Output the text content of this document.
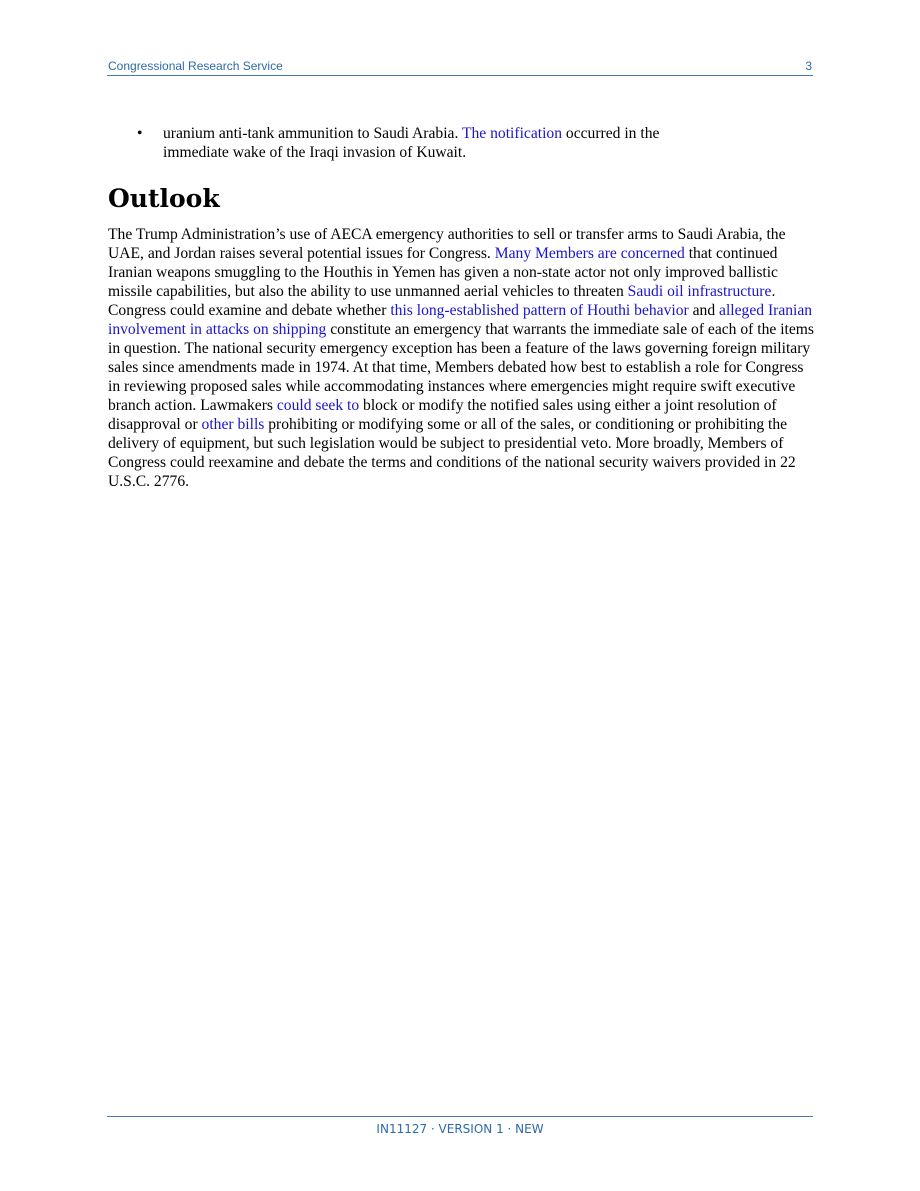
Congressional Research Service	3
• uranium anti-tank ammunition to Saudi Arabia. The notification occurred in the immediate wake of the Iraqi invasion of Kuwait.
Outlook
The Trump Administration’s use of AECA emergency authorities to sell or transfer arms to Saudi Arabia, the UAE, and Jordan raises several potential issues for Congress. Many Members are concerned that continued Iranian weapons smuggling to the Houthis in Yemen has given a non-state actor not only improved ballistic missile capabilities, but also the ability to use unmanned aerial vehicles to threaten Saudi oil infrastructure. Congress could examine and debate whether this long-established pattern of Houthi behavior and alleged Iranian involvement in attacks on shipping constitute an emergency that warrants the immediate sale of each of the items in question. The national security emergency exception has been a feature of the laws governing foreign military sales since amendments made in 1974. At that time, Members debated how best to establish a role for Congress in reviewing proposed sales while accommodating instances where emergencies might require swift executive branch action. Lawmakers could seek to block or modify the notified sales using either a joint resolution of disapproval or other bills prohibiting or modifying some or all of the sales, or conditioning or prohibiting the delivery of equipment, but such legislation would be subject to presidential veto. More broadly, Members of Congress could reexamine and debate the terms and conditions of the national security waivers provided in 22 U.S.C. 2776.
IN11127 · VERSION 1 · NEW
